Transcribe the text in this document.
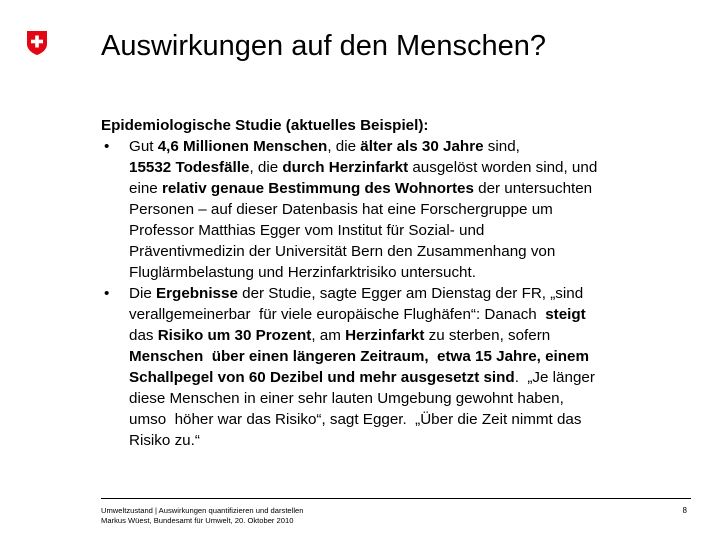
Auswirkungen auf den Menschen?
Epidemiologische Studie (aktuelles Beispiel):
• Gut 4,6 Millionen Menschen, die älter als 30 Jahre sind,
15532 Todesfälle, die durch Herzinfarkt ausgelöst worden sind, und
eine relativ genaue Bestimmung des Wohnortes der untersuchten
Personen – auf dieser Datenbasis hat eine Forschergruppe um
Professor Matthias Egger vom Institut für Sozial- und
Präventivmedizin der Universität Bern den Zusammenhang von
Fluglärmbelastung und Herzinfarktrisiko untersucht.
• Die Ergebnisse der Studie, sagte Egger am Dienstag der FR, „sind
verallgemeinerbar  für viele europäische Flughäfen“: Danach  steigt
das Risiko um 30 Prozent, am Herzinfarkt zu sterben, sofern
Menschen  über einen längeren Zeitraum,  etwa 15 Jahre, einem
Schallpegel von 60 Dezibel und mehr ausgesetzt sind.  „Je länger
diese Menschen in einer sehr lauten Umgebung gewohnt haben,
umso  höher war das Risiko“, sagt Egger.  „Über die Zeit nimmt das
Risiko zu.“
Umweltzustand | Auswirkungen quantifizieren und darstellen
Markus Wüest, Bundesamt für Umwelt, 20. Oktober 2010
8
